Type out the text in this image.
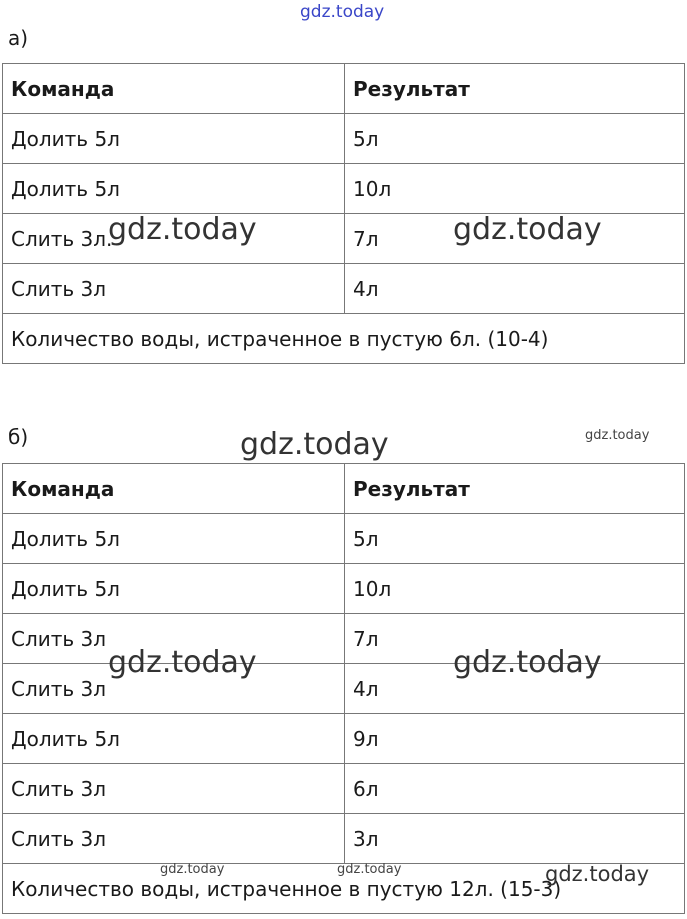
а)
Команда	Результат
Долить 5л	5л
Долить 5л	10л
Слить 3л.	7л
Слить 3л	4л
Количество воды, истраченное в пустую 6л. (10-4)	
б)
Команда	Результат
Долить 5л	5л
Долить 5л	10л
Слить 3л	7л
Слить 3л	4л
Долить 5л	9л
Слить 3л	6л
Слить 3л	3л
Количество воды, истраченное в пустую 12л. (15-3)	
gdz.today
gdz.today	gdz.today
gdz.today	gdz.today
gdz.today	gdz.today
gdz.today	gdz.today	gdz.today
